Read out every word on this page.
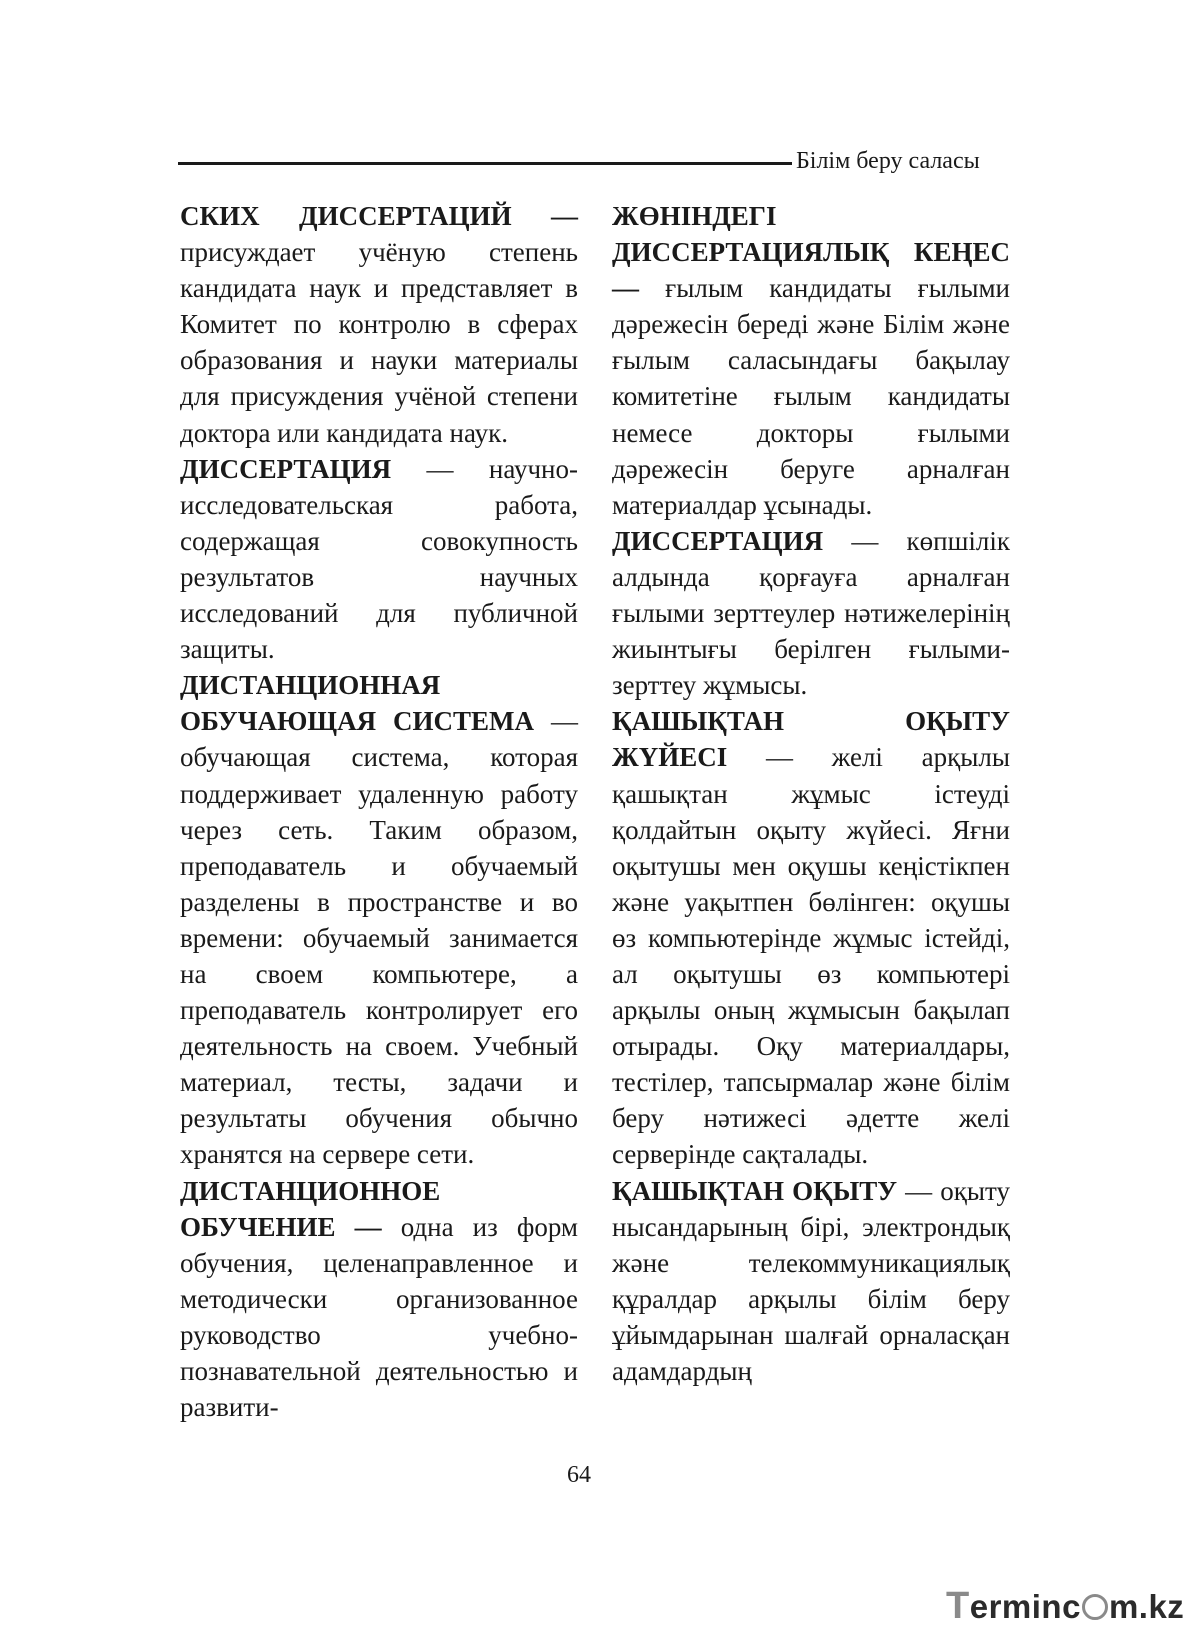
Білім беру саласы

СКИХ ДИССЕРТАЦИЙ — присуждает учёную степень кандидата наук и представляет в Комитет по контролю в сферах образования и науки материалы для присуждения учёной степени доктора или кандидата наук.

ДИССЕРТАЦИЯ — научно-исследовательская работа, содержащая совокупность результатов научных исследований для публичной защиты.

ДИСТАНЦИОННАЯ ОБУЧАЮЩАЯ СИСТЕМА — обучающая система, которая поддерживает удаленную работу через сеть. Таким образом, преподаватель и обучаемый разделены в пространстве и во времени: обучаемый занимается на своем компьютере, а преподаватель контролирует его деятельность на своем. Учебный материал, тесты, задачи и результаты обучения обычно хранятся на сервере сети.

ДИСТАНЦИОННОЕ ОБУЧЕНИЕ — одна из форм обучения, целенаправленное и методически организованное руководство учебно-познавательной деятельностью и развити-

ЖӨНІНДЕГІ ДИССЕРТАЦИЯЛЫҚ КЕҢЕС — ғылым кандидаты ғылыми дәрежесін береді және Білім және ғылым саласындағы бақылау комитетіне ғылым кандидаты немесе докторы ғылыми дәрежесін беруге арналған материалдар ұсынады.

ДИССЕРТАЦИЯ — көпшілік алдында қорғауға арналған ғылыми зерттеулер нәтижелерінің жиынтығы берілген ғылыми-зерттеу жұмысы.

ҚАШЫҚТАН ОҚЫТУ ЖҮЙЕСІ — желі арқылы қашықтан жұмыс істеуді қолдайтын оқыту жүйесі. Яғни оқытушы мен оқушы кеңістікпен және уақытпен бөлінген: оқушы өз компьютерінде жұмыс істейді, ал оқытушы өз компьютері арқылы оның жұмысын бақылап отырады. Оқу материалдары, тестілер, тапсырмалар және білім беру нәтижесі әдетте желі серверінде сақталады.

ҚАШЫҚТАН ОҚЫТУ — оқыту нысандарының бірі, электрондық және телекоммуникациялық құралдар арқылы білім беру ұйымдарынан шалғай орналасқан адамдардың

64
Terminc m.kz
